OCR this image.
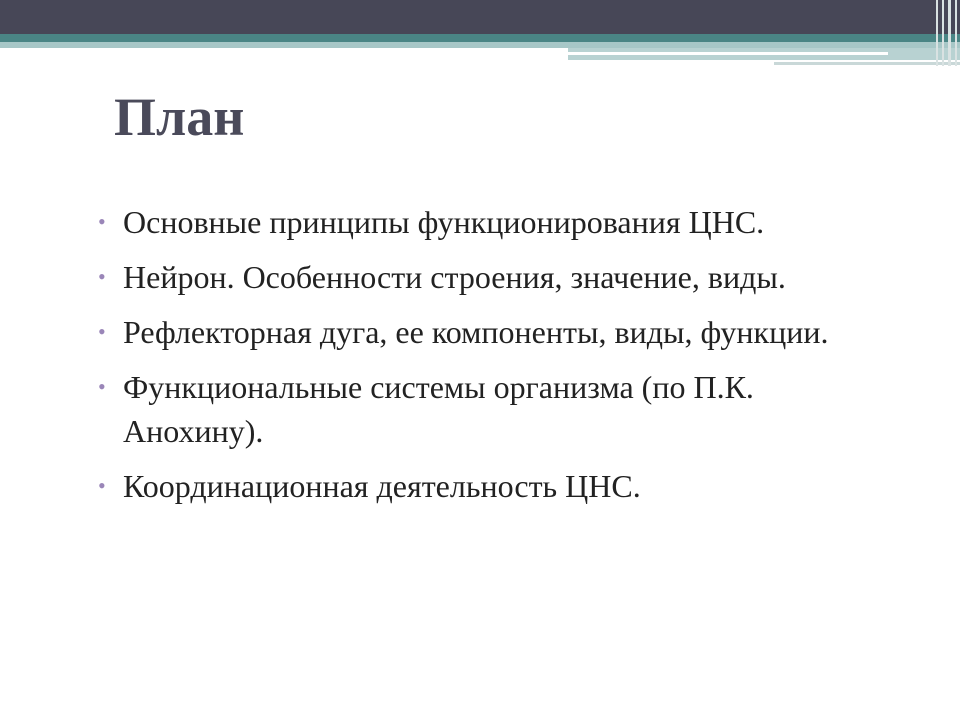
План
• Основные принципы функционирования ЦНС.
• Нейрон. Особенности строения, значение, виды.
• Рефлекторная дуга, ее компоненты, виды, функции.
• Функциональные системы организма (по П.К. Анохину).
• Координационная деятельность ЦНС.
